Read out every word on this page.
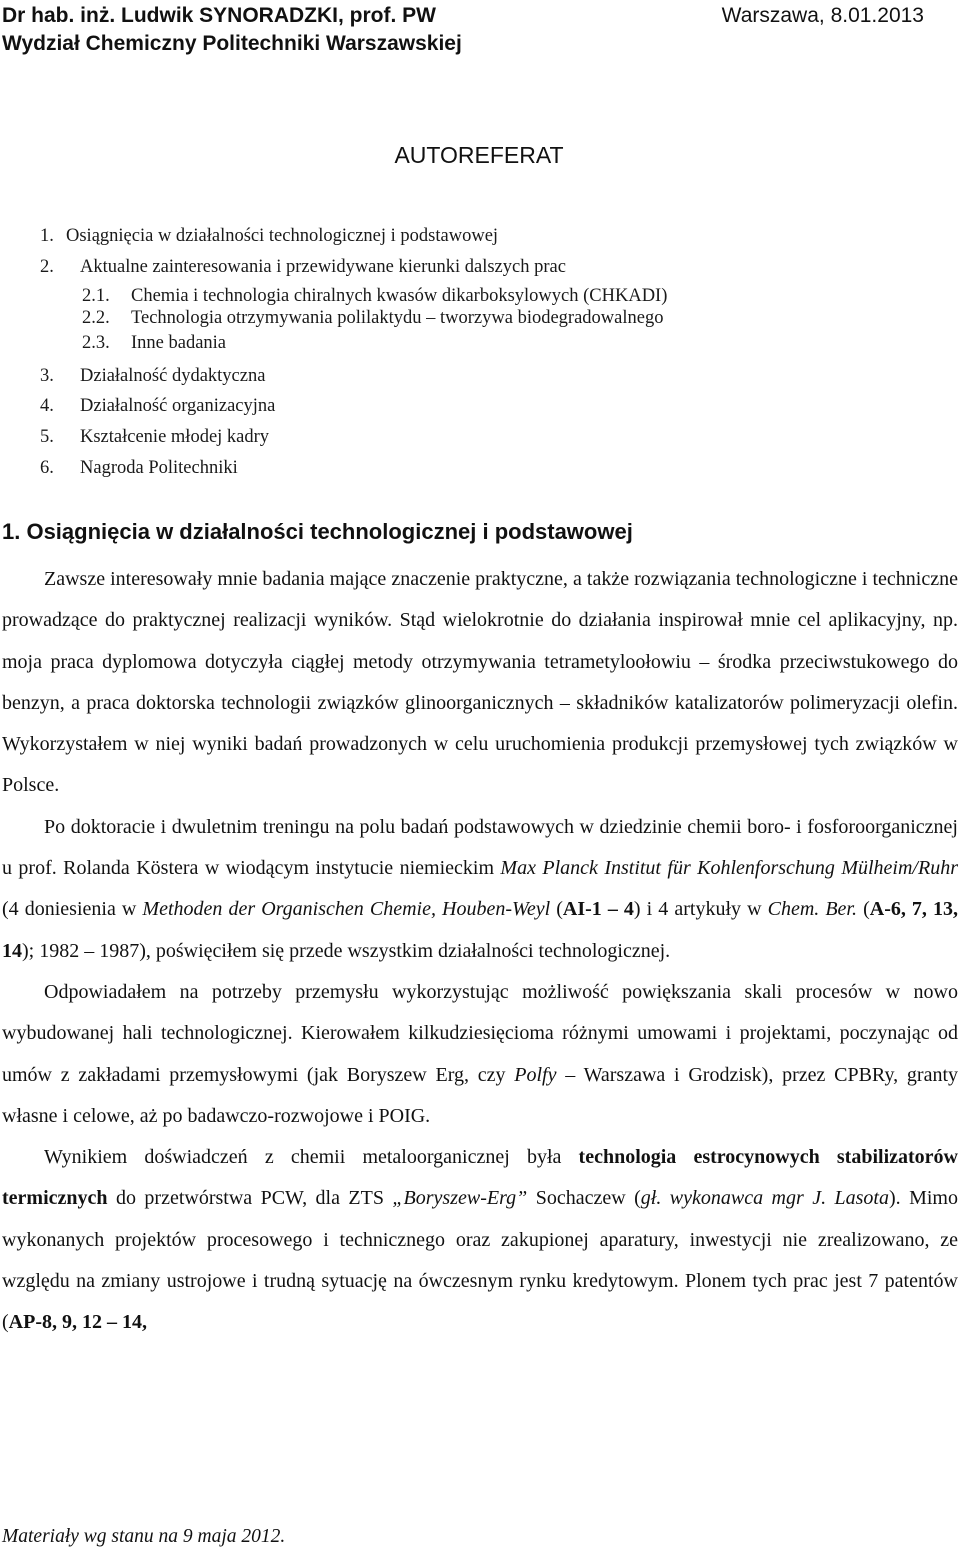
Dr hab. inż. Ludwik SYNORADZKI, prof. PW
Wydział Chemiczny Politechniki Warszawskiej
Warszawa, 8.01.2013
AUTOREFERAT
1. Osiągnięcia w działalności technologicznej i podstawowej
2. Aktualne zainteresowania i przewidywane kierunki dalszych prac
2.1. Chemia i technologia chiralnych kwasów dikarboksylowych (CHKADI)
2.2. Technologia otrzymywania polilaktydu – tworzywa biodegradowalnego
2.3. Inne badania
3. Działalność dydaktyczna
4. Działalność organizacyjna
5. Kształcenie młodej kadry
6. Nagroda Politechniki
1. Osiągnięcia w działalności technologicznej i podstawowej

Zawsze interesowały mnie badania mające znaczenie praktyczne, a także rozwiązania technologiczne i techniczne prowadzące do praktycznej realizacji wyników. Stąd wielokrotnie do działania inspirował mnie cel aplikacyjny, np. moja praca dyplomowa dotyczyła ciągłej metody otrzymywania tetrametyloołowiu – środka przeciwstukowego do benzyn, a praca doktorska technologii związków glinoorganicznych – składników katalizatorów polimeryzacji olefin. Wykorzystałem w niej wyniki badań prowadzonych w celu uruchomienia produkcji przemysłowej tych związków w Polsce.

Po doktoracie i dwuletnim treningu na polu badań podstawowych w dziedzinie chemii boro- i fosforoorganicznej u prof. Rolanda Köstera w wiodącym instytucie niemieckim Max Planck Institut für Kohlenforschung Mülheim/Ruhr (4 doniesienia w Methoden der Organischen Chemie, Houben-Weyl (AI-1 – 4) i 4 artykuły w Chem. Ber. (A-6, 7, 13, 14); 1982 – 1987), poświęciłem się przede wszystkim działalności technologicznej.

Odpowiadałem na potrzeby przemysłu wykorzystując możliwość powiększania skali procesów w nowo wybudowanej hali technologicznej. Kierowałem kilkudziesięcioma różnymi umowami i projektami, poczynając od umów z zakładami przemysłowymi (jak Boryszew Erg, czy Polfy – Warszawa i Grodzisk), przez CPBRy, granty własne i celowe, aż po badawczo-rozwojowe i POIG.

Wynikiem doświadczeń z chemii metaloorganicznej była technologia estrocynowych stabilizatorów termicznych do przetwórstwa PCW, dla ZTS „Boryszew-Erg” Sochaczew (gł. wykonawca mgr J. Lasota). Mimo wykonanych projektów procesowego i technicznego oraz zakupionej aparatury, inwestycji nie zrealizowano, ze względu na zmiany ustrojowe i trudną sytuację na ówczesnym rynku kredytowym. Plonem tych prac jest 7 patentów (AP-8, 9, 12 – 14,

Materiały wg stanu na 9 maja 2012.
